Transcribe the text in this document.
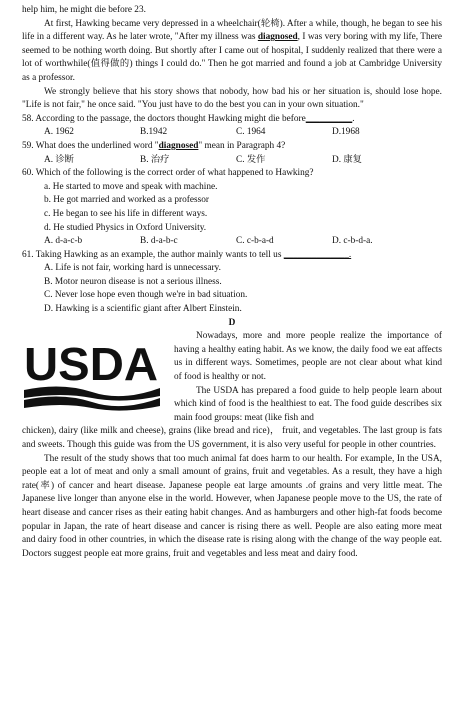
help him, he might die before 23.

At first, Hawking became very depressed in a wheelchair(轮椅). After a while, though, he began to see his life in a different way. As he later wrote, "After my illness was diagnosed, I was very boring with my life, There seemed to be nothing worth doing. But shortly after I came out of hospital, I suddenly realized that there were a lot of worthwhile(值得做的) things I could do." Then he got married and found a job at Cambridge University as a professor.

We strongly believe that his story shows that nobody, how bad his or her situation is, should lose hope. "Life is not fair," he once said. "You just have to do the best you can in your own situation."

58. According to the passage, the doctors thought Hawking might die before__________.

A. 1962	B.1942	C. 1964	D.1968

59. What does the underlined word "diagnosed" mean in Paragraph 4?

A. 诊断	B. 治疗	C. 发作	D. 康复

60. Which of the following is the correct order of what happened to Hawking?

a. He started to move and speak with machine.

b. He got married and worked as a professor

c. He began to see his life in different ways.

d. He studied Physics in Oxford University.

A. d-a-c-b	B. d-a-b-c	C. c-b-a-d	D. c-b-d-a.

61. Taking Hawking as an example, the author mainly wants to tell us ______________.

A. Life is not fair, working hard is unnecessary.

B. Motor neuron disease is not a serious illness.

C. Never lose hope even though we're in bad situation.

D. Hawking is a scientific giant after Albert Einstein.

D

USDA

Nowadays, more and more people realize the importance of having a healthy eating habit. As we know, the daily food we eat affects us in different ways. Sometimes, people are not clear about what kind of food is healthy or not.

The USDA has prepared a food guide to help people learn about which kind of food is the healthiest to eat. The food guide describes six main food groups: meat (like fish and

chicken), dairy (like milk and cheese), grains (like bread and rice)， fruit, and vegetables. The last group is fats and sweets. Though this guide was from the US government, it is also very useful for people in other countries.

The result of the study shows that too much animal fat does harm to our health. For example, In the USA, people eat a lot of meat and only a small amount of grains, fruit and vegetables. As a result, they have a high rate(率) of cancer and heart disease. Japanese people eat large amounts .of grains and very little meat. The Japanese live longer than anyone else in the world. However, when Japanese people move to the US, the rate of heart disease and cancer rises as their eating habit changes. And as hamburgers and other high-fat foods become popular in Japan, the rate of heart disease and cancer is rising there as well. People are also eating more meat and dairy food in other countries, in which the disease rate is rising along with the change of the way people eat. Doctors suggest people eat more grains, fruit and vegetables and less meat and dairy food.
